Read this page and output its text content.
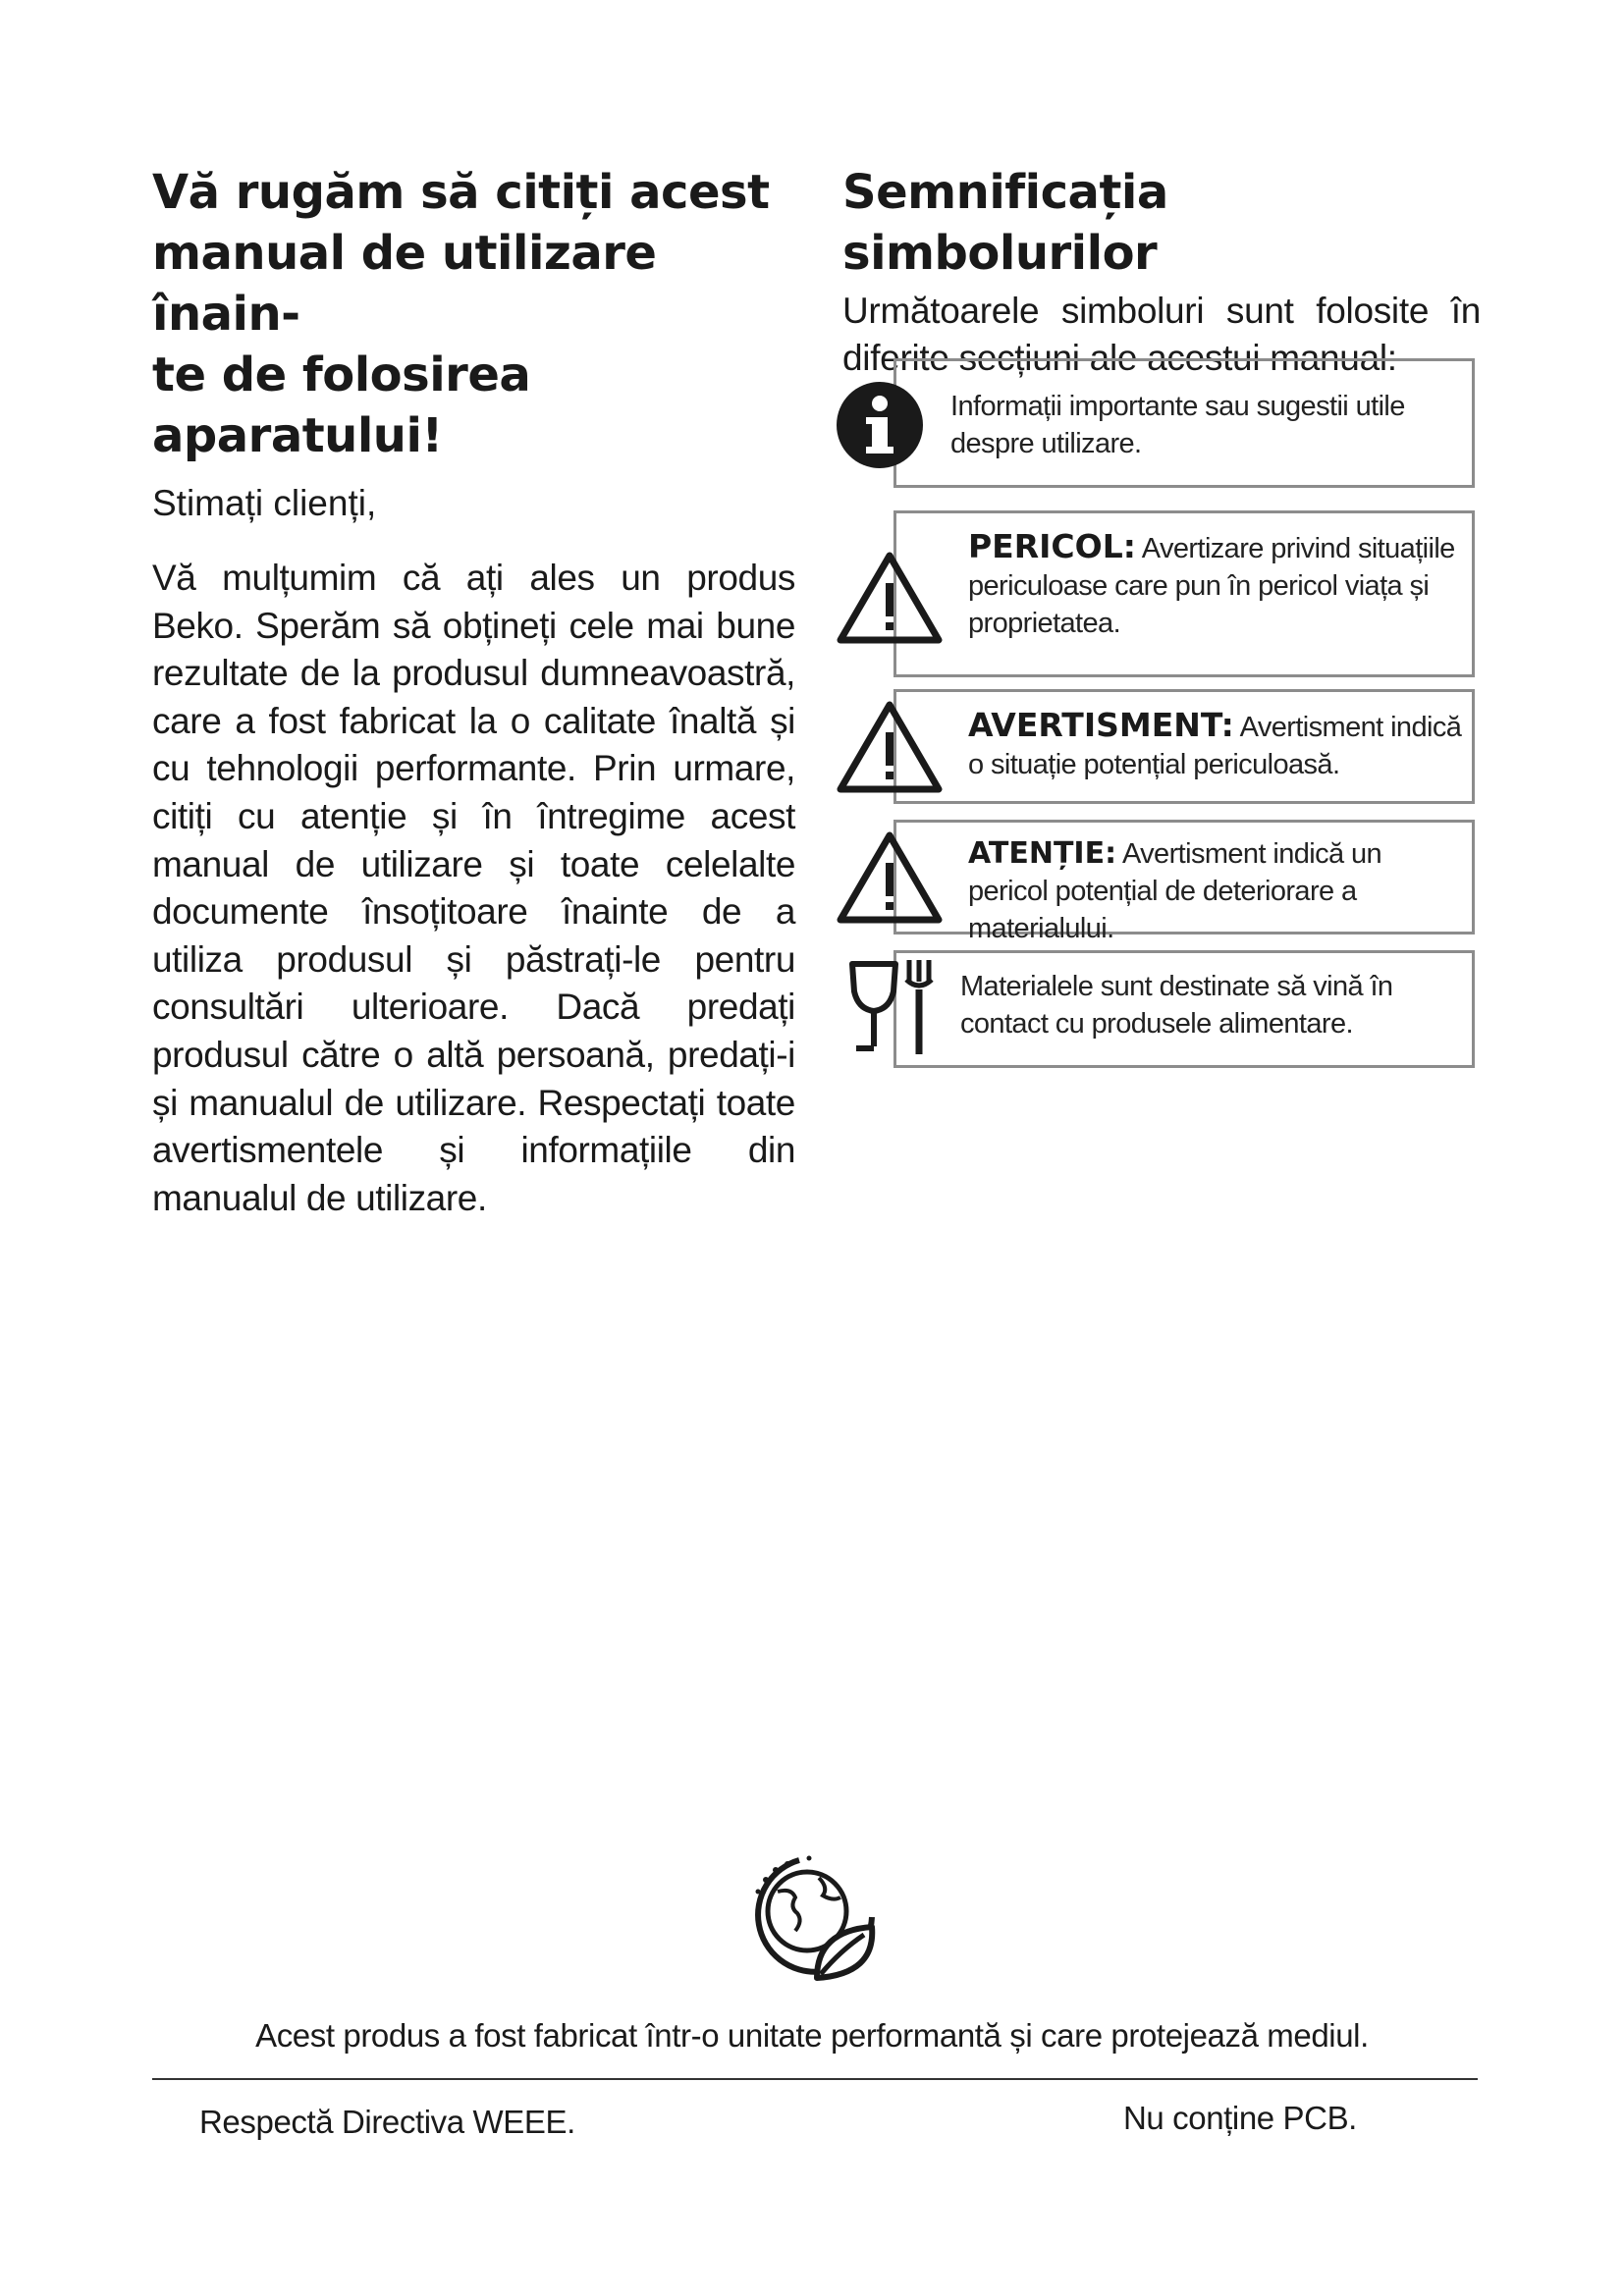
Vă rugăm să citiți acest
manual de utilizare înain-
te de folosirea aparatului!

Stimați clienți,

Vă mulțumim că ați ales un produs Beko. Sperăm să obțineți cele mai bune rezultate de la produsul dumneavoastră, care a fost fabricat la o calitate înaltă și cu tehnologii performante. Prin urmare, citiți cu atenție și în întregime acest manual de utilizare și toate celelalte documente însoțitoare înainte de a utiliza produsul și păstrați-le pentru consultări ulterioare. Dacă predați produsul către o altă persoană, predați-i și manualul de utilizare. Respectați toate avertismentele și informațiile din manualul de utilizare.

Semnificația simbolurilor

Următoarele simboluri sunt folosite în diferite secțiuni ale acestui manual:

Informații importante sau sugestii utile despre utilizare.
PERICOL: Avertizare privind situațiile periculoase care pun în pericol viața și proprietatea.
AVERTISMENT: Avertisment indică o situație potențial periculoasă.
ATENȚIE: Avertisment indică un pericol potențial de deteriorare a materialului.
Materialele sunt destinate să vină în contact cu produsele alimentare.

Acest produs a fost fabricat într-o unitate performantă și care protejează mediul.

Respectă Directiva WEEE.	Nu conține PCB.
